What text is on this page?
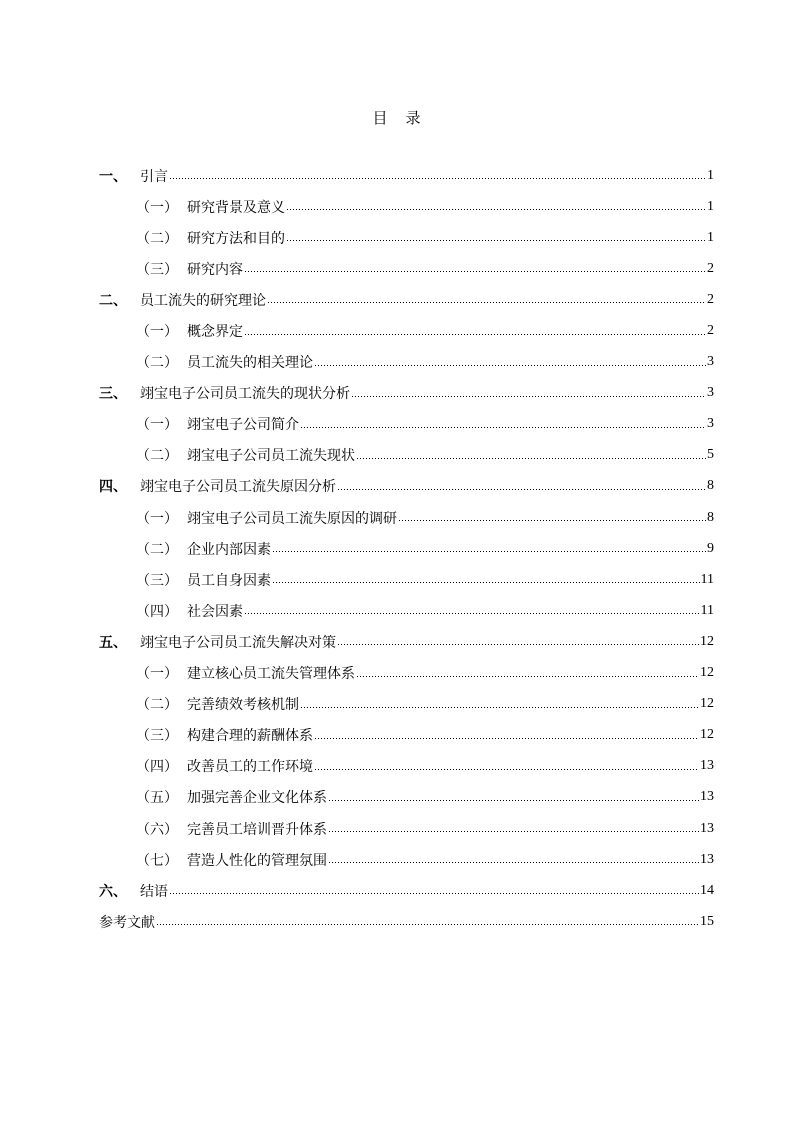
目 录
一、 引言	1
（一） 研究背景及意义	1
（二） 研究方法和目的	1
（三） 研究内容	2
二、 员工流失的研究理论	2
（一） 概念界定	2
（二） 员工流失的相关理论	3
三、 翊宝电子公司员工流失的现状分析	3
（一） 翊宝电子公司简介	3
（二） 翊宝电子公司员工流失现状	5
四、 翊宝电子公司员工流失原因分析	8
（一） 翊宝电子公司员工流失原因的调研	8
（二） 企业内部因素	9
（三） 员工自身因素	11
（四） 社会因素	11
五、 翊宝电子公司员工流失解决对策	12
（一） 建立核心员工流失管理体系	12
（二） 完善绩效考核机制	12
（三） 构建合理的薪酬体系	12
（四） 改善员工的工作环境	13
（五） 加强完善企业文化体系	13
（六） 完善员工培训晋升体系	13
（七） 营造人性化的管理氛围	13
六、 结语	14
参考文献	15
